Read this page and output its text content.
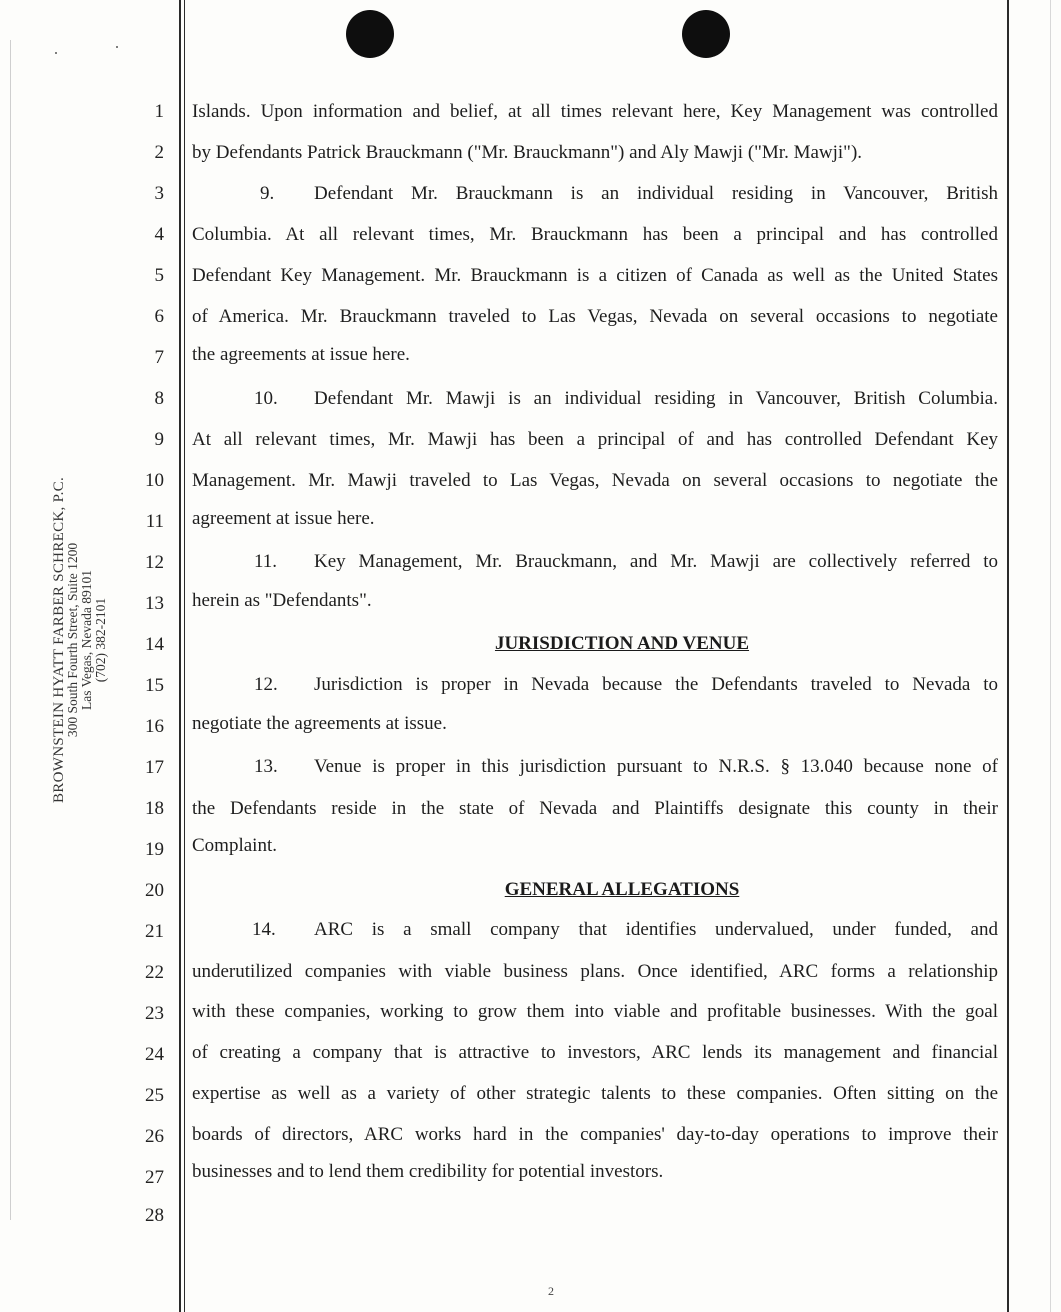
BROWNSTEIN HYATT FARBER SCHRECK, P.C.
300 South Fourth Street, Suite 1200 Las Vegas, Nevada 89101 (702) 382-2101
1
2
3
4
5
6
7
8
9
10
11
12
13
14
15
16
17
18
19
20
21
22
23
24
25
26
27
28
Islands. Upon information and belief, at all times relevant here, Key Management was controlled
by Defendants Patrick Brauckmann ("Mr. Brauckmann") and Aly Mawji ("Mr. Mawji").
9.	Defendant Mr. Brauckmann is an individual residing in Vancouver, British
Columbia. At all relevant times, Mr. Brauckmann has been a principal and has controlled
Defendant Key Management. Mr. Brauckmann is a citizen of Canada as well as the United States
of America. Mr. Brauckmann traveled to Las Vegas, Nevada on several occasions to negotiate
the agreements at issue here.
10.	Defendant Mr. Mawji is an individual residing in Vancouver, British Columbia.
At all relevant times, Mr. Mawji has been a principal of and has controlled Defendant Key
Management. Mr. Mawji traveled to Las Vegas, Nevada on several occasions to negotiate the
agreement at issue here.
11.	Key Management, Mr. Brauckmann, and Mr. Mawji are collectively referred to
herein as "Defendants".
JURISDICTION AND VENUE
12.	Jurisdiction is proper in Nevada because the Defendants traveled to Nevada to
negotiate the agreements at issue.
13.	Venue is proper in this jurisdiction pursuant to N.R.S. § 13.040 because none of
the Defendants reside in the state of Nevada and Plaintiffs designate this county in their
Complaint.
GENERAL ALLEGATIONS
14.	ARC is a small company that identifies undervalued, under funded, and
underutilized companies with viable business plans. Once identified, ARC forms a relationship
with these companies, working to grow them into viable and profitable businesses. With the goal
of creating a company that is attractive to investors, ARC lends its management and financial
expertise as well as a variety of other strategic talents to these companies. Often sitting on the
boards of directors, ARC works hard in the companies' day-to-day operations to improve their
businesses and to lend them credibility for potential investors.
2
